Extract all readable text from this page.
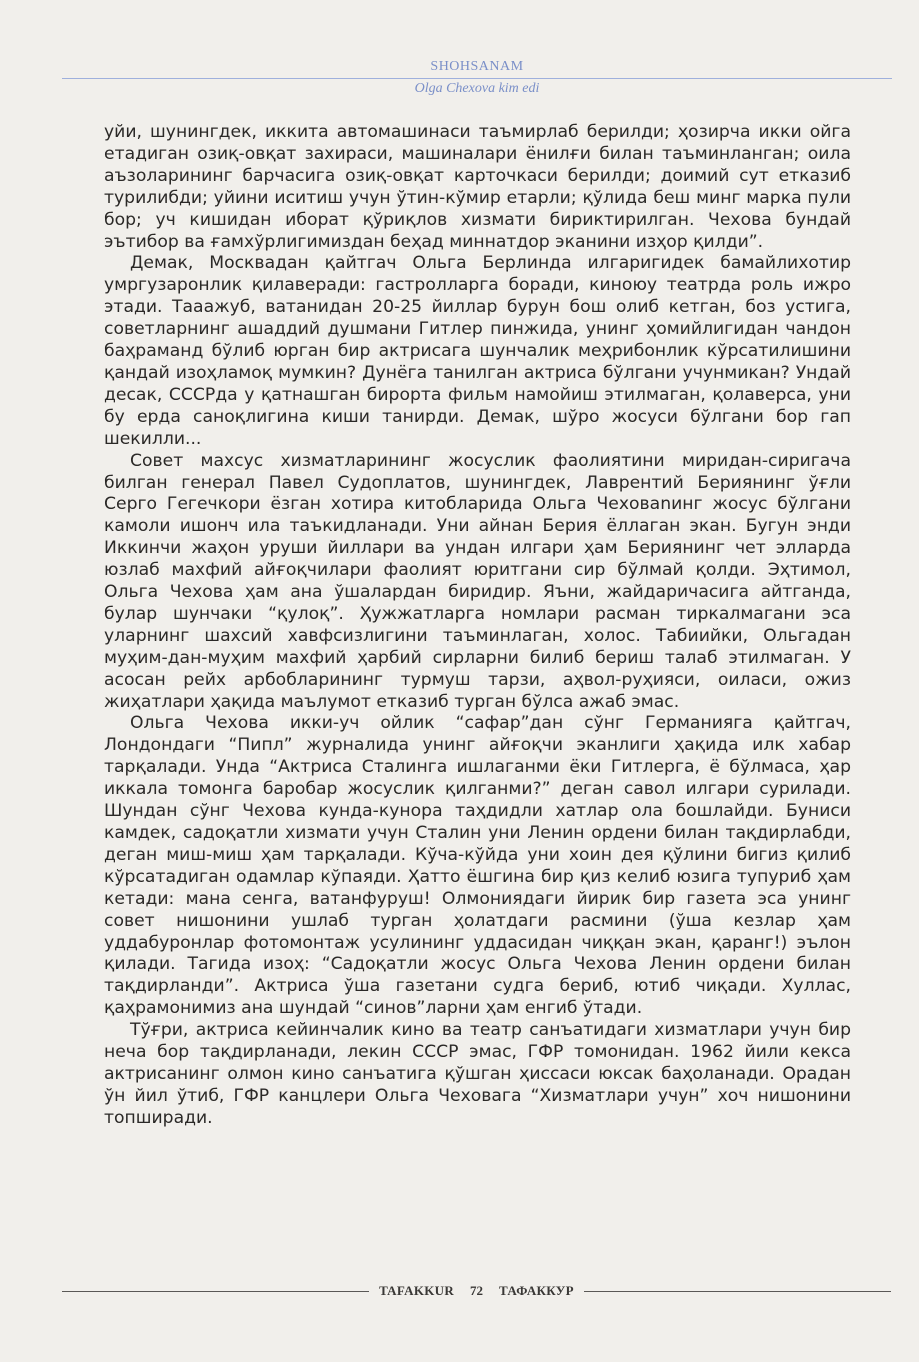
SHOHSANAM
Olga Chexova kim edi

уйи, шунингдек, иккита автомашинаси таъмирлаб берилди; ҳозирча икки ойга етадиган озиқ-овқат захираси, машиналари ёнилғи билан таъминланган; оила аъзоларининг барчасига озиқ-овқат карточкаси берилди; доимий сут етказиб турилибди; уйини иситиш учун ўтин-кўмир етарли; қўлида беш минг марка пули бор; уч кишидан иборат қўриқлов хизмати бириктирилган. Чехова бундай эътибор ва ғамхўрлигимиздан беҳад миннатдор эканини изҳор қилди”.

Демак, Москвадан қайтгач Ольга Берлинда илгаригидек бамайлихотир умргузаронлик қилаверади: гастролларга боради, киноюу театрда роль ижро этади. Тааажуб, ватанидан 20-25 йиллар бурун бош олиб кетган, боз устига, советларнинг ашаддий душмани Гитлер пинжида, унинг ҳомийлигидан чандон баҳраманд бўлиб юрган бир актрисага шунчалик меҳрибонлик кўрсатилишини қандай изоҳламоқ мумкин? Дунёга танилган актриса бўлгани учунмикан? Ундай десак, СССРда у қатнашган бирорта фильм намойиш этилмаган, қолаверса, уни бу ерда саноқлигина киши танирди. Демак, шўро жосуси бўлгани бор гап шекилли...

Совет махсус хизматларининг жосуслик фаолиятини миридан-сиригача билган генерал Павел Судоплатов, шунингдек, Лаврентий Бериянинг ўғли Серго Гегечкори ёзган хотира китобларида Ольга Чеховanинг жосус бўлгани камоли ишонч ила таъкидланади. Уни айнан Берия ёллаган экан. Бугун энди Иккинчи жаҳон уруши йиллари ва ундан илгари ҳам Бериянинг чет элларда юзлаб махфий айғоқчилари фаолият юритгани сир бўлмай қолди. Эҳтимол, Ольга Чехова ҳам ана ўшалардан биридир. Яъни, жайдаричасига айтганда, булар шунчаки “қулоқ”. Ҳужжатларга номлари расман тиркалмагани эса уларнинг шахсий хавфсизлигини таъминлаган, холос. Табиийки, Ольгадан муҳим-дан-муҳим махфий ҳарбий сирларни билиб бериш талаб этилмаган. У асосан рейх арбобларининг турмуш тарзи, аҳвол-руҳияси, оиласи, ожиз жиҳатлари ҳақида маълумот етказиб турган бўлса ажаб эмас.

Ольга Чехова икки-уч ойлик “сафар”дан сўнг Германияга қайтгач, Лондондаги “Пипл” журналида унинг айғоқчи эканлиги ҳақида илк хабар тарқалади. Унда “Актриса Сталинга ишлаганми ёки Гитлерга, ё бўлмаса, ҳар иккала томонга баробар жосуслик қилганми?” деган савол илгари сурилади. Шундан сўнг Чехова кунда-кунора таҳдидли хатлар ола бошлайди. Буниси камдек, садоқатли хизмати учун Сталин уни Ленин ордени билан тақдирлабди, деган миш-миш ҳам тарқалади. Кўча-кўйда уни хоин дея қўлини бигиз қилиб кўрсатадиган одамлар кўпаяди. Ҳатто ёшгина бир қиз келиб юзига тупуриб ҳам кетади: мана сенга, ватанфуруш! Олмониядаги йирик бир газета эса унинг совет нишонини ушлаб турган ҳолатдаги расмини (ўша кезлар ҳам уддабуронлар фотомонтаж усулининг уддасидан чиққан экан, қаранг!) эълон қилади. Тагида изоҳ: “Садоқатли жосус Ольга Чехова Ленин ордени билан тақдирланди”. Актриса ўша газетани судга бериб, ютиб чиқади. Хуллас, қаҳрамонимиз ана шундай “синов”ларни ҳам енгиб ўтади.

Тўғри, актриса кейинчалик кино ва театр санъатидаги хизматлари учун бир неча бор тақдирланади, лекин СССР эмас, ГФР томонидан. 1962 йили кекса актрисанинг олмон кино санъатига қўшган ҳиссаси юксак баҳоланади. Орадан ўн йил ўтиб, ГФР канцлери Ольга Чеховага “Хизматлари учун” хоч нишонини топширади.

TAFAKKUR	72	ТАФАККУР
